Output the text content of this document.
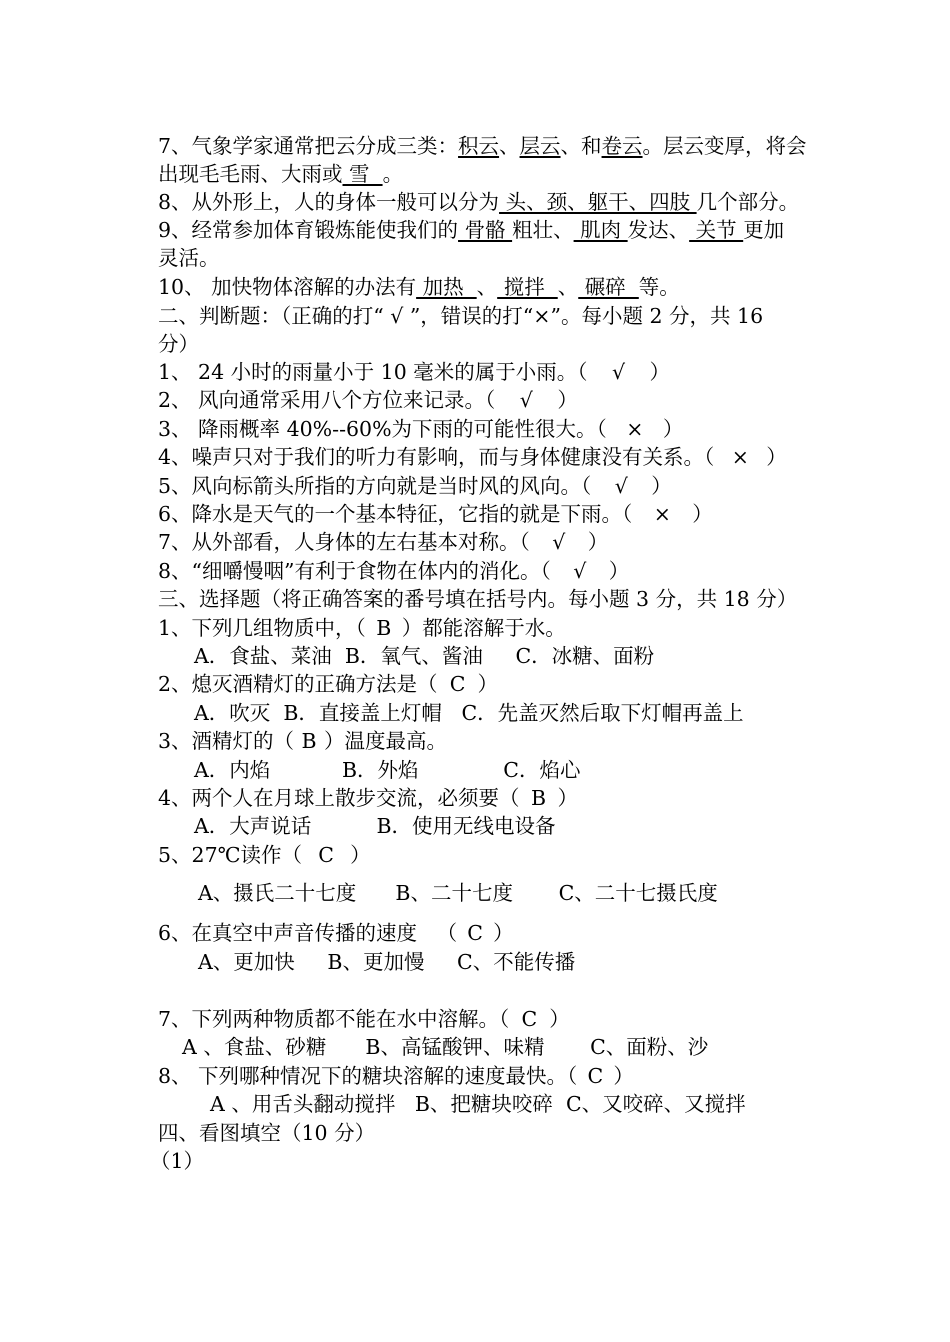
7、气象学家通常把云分成三类：积云、层云、和卷云。层云变厚，将会
出现毛毛雨、大雨或 雪  。
8、从外形上，人的身体一般可以分为 头、颈、躯干、四肢 几个部分。
9、经常参加体育锻炼能使我们的 骨骼 粗壮、 肌肉 发达、 关节 更加
灵活。
10、 加快物体溶解的办法有 加热  、 搅拌  、 碾碎  等。
二、判断题：（正确的打“ √ ”，错误的打“×”。每小题 2 分，共 16
分）
1、 24 小时的雨量小于 10 毫米的属于小雨。（ √ ）
2、 风向通常采用八个方位来记录。（ √ ）
3、 降雨概率 40%--60%为下雨的可能性很大。（ × ）
4、噪声只对于我们的听力有影响，而与身体健康没有关系。（ × ）
5、风向标箭头所指的方向就是当时风的风向。（ √ ）
6、降水是天气的一个基本特征，它指的就是下雨。（ × ）
7、从外部看，人身体的左右基本对称。（ √ ）
8、“细嚼慢咽”有利于食物在体内的消化。（ √ ）
三、选择题（将正确答案的番号填在括号内。每小题 3 分，共 18 分）
1、下列几组物质中，（ B ）都能溶解于水。
A．食盐、菜油  B．氧气、酱油     C．冰糖、面粉
2、熄灭酒精灯的正确方法是（ C ）
A．吹灭  B．直接盖上灯帽   C．先盖灭然后取下灯帽再盖上
3、酒精灯的（ B ）温度最高。
A．内焰           B．外焰             C．焰心
4、两个人在月球上散步交流，必须要（ B ）
A．大声说话          B．使用无线电设备
5、27℃读作（ C ）
A、摄氏二十七度      B、二十七度       C、二十七摄氏度
6、在真空中声音传播的速度   （ C ）
A、更加快     B、更加慢     C、不能传播
7、下列两种物质都不能在水中溶解。（ C ）
A 、食盐、砂糖      B、高锰酸钾、味精       C、面粉、沙
8、 下列哪种情况下的糖块溶解的速度最快。（ C ）
A 、用舌头翻动搅拌   B、把糖块咬碎  C、又咬碎、又搅拌
四、看图填空（10 分）
（1）
